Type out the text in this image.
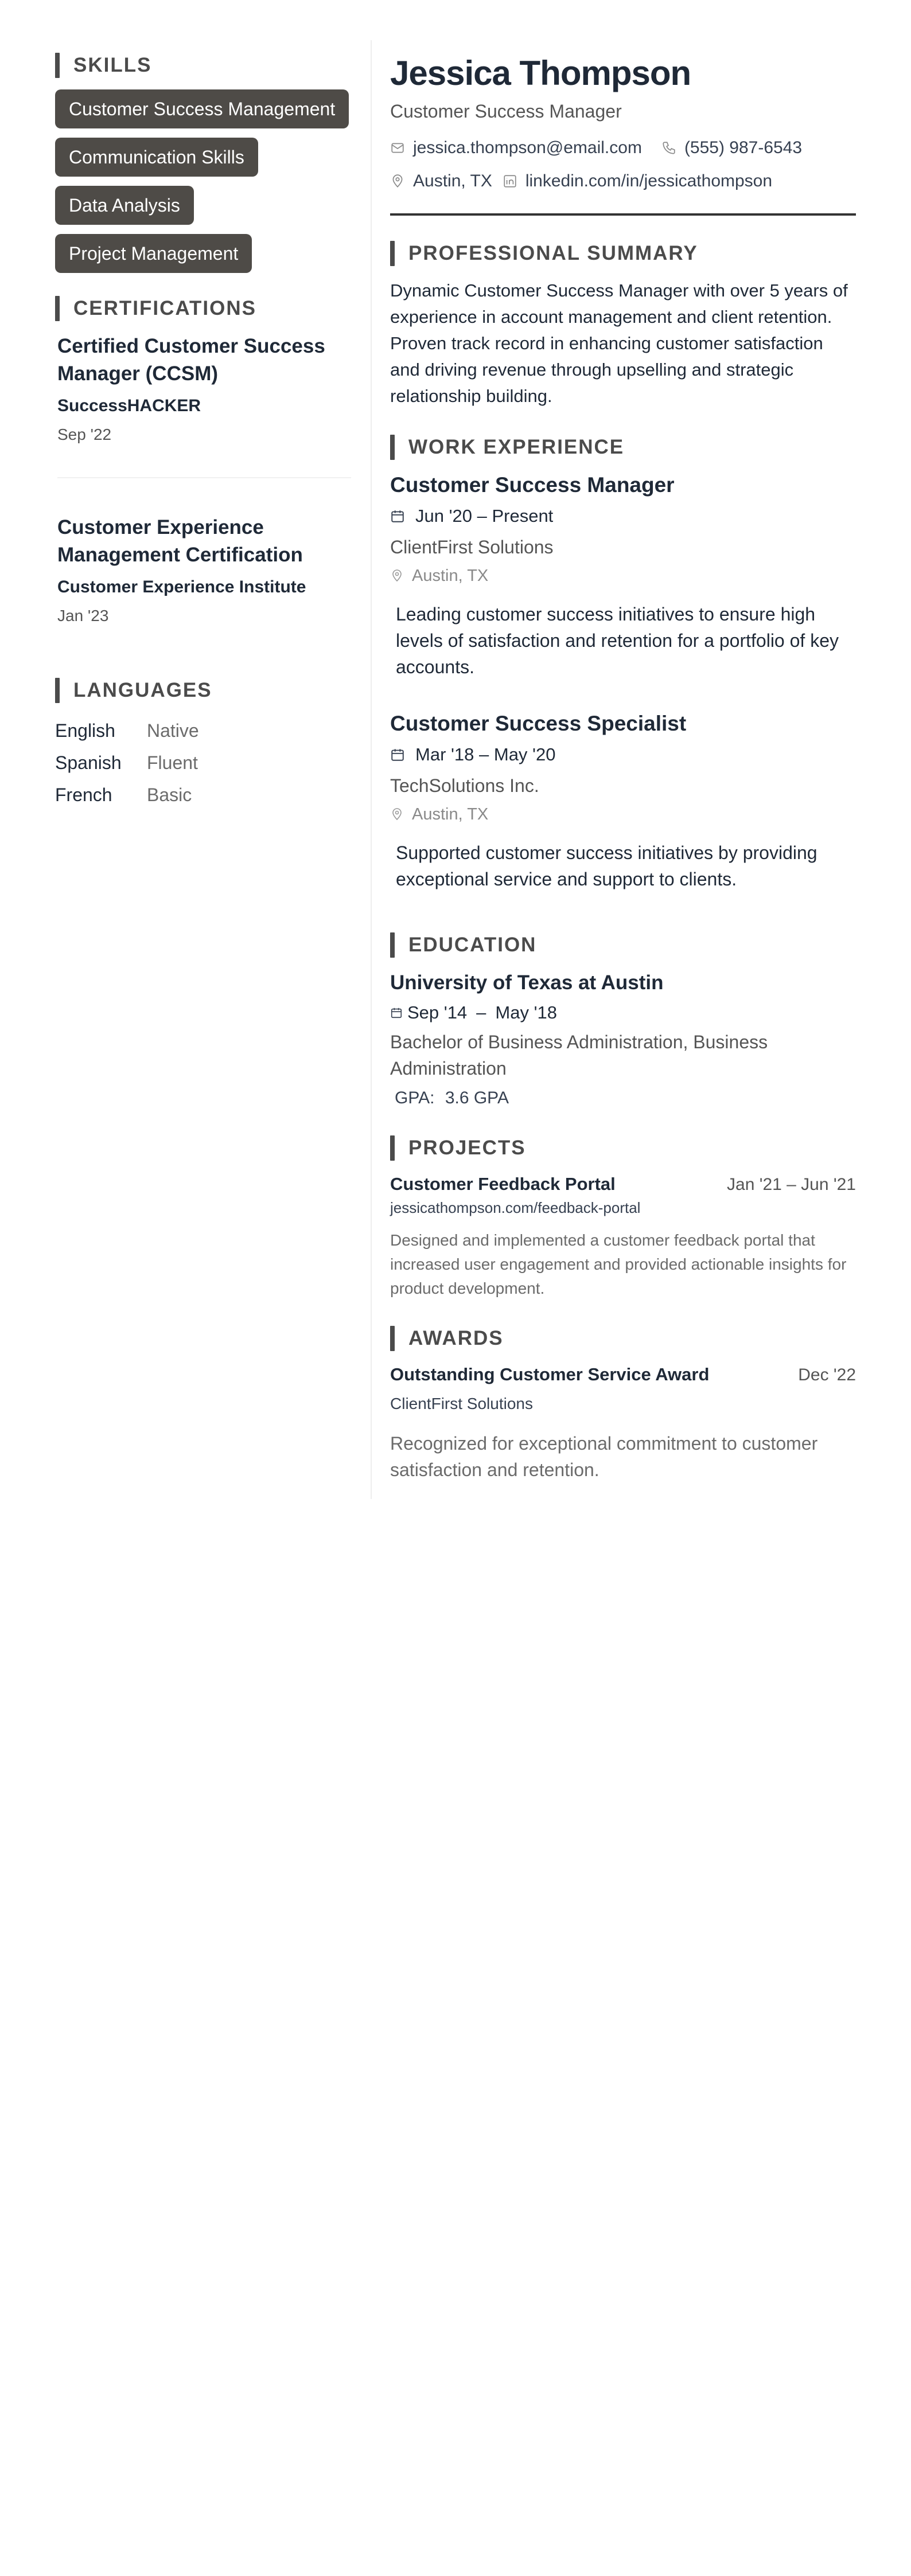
SKILLS
Customer Success Management
Communication Skills
Data Analysis
Project Management
CERTIFICATIONS
Certified Customer Success Manager (CCSM)
SuccessHACKER
Sep '22
Customer Experience Management Certification
Customer Experience Institute
Jan '23
LANGUAGES
English	Native
Spanish	Fluent
French	Basic
Jessica Thompson
Customer Success Manager
jessica.thompson@email.com (555) 987-6543
Austin, TX linkedin.com/in/jessicathompson
PROFESSIONAL SUMMARY
Dynamic Customer Success Manager with over 5 years of experience in account management and client retention. Proven track record in enhancing customer satisfaction and driving revenue through upselling and strategic relationship building.
WORK EXPERIENCE
Customer Success Manager
Jun '20 – Present
ClientFirst Solutions
Austin, TX
Leading customer success initiatives to ensure high levels of satisfaction and retention for a portfolio of key accounts.
Customer Success Specialist
Mar '18 – May '20
TechSolutions Inc.
Austin, TX
Supported customer success initiatives by providing exceptional service and support to clients.
EDUCATION
University of Texas at Austin
Sep '14 – May '18
Bachelor of Business Administration, Business Administration
GPA: 3.6 GPA
PROJECTS
Customer Feedback Portal	Jan '21 – Jun '21
jessicathompson.com/feedback-portal
Designed and implemented a customer feedback portal that increased user engagement and provided actionable insights for product development.
AWARDS
Outstanding Customer Service Award	Dec '22
ClientFirst Solutions
Recognized for exceptional commitment to customer satisfaction and retention.
